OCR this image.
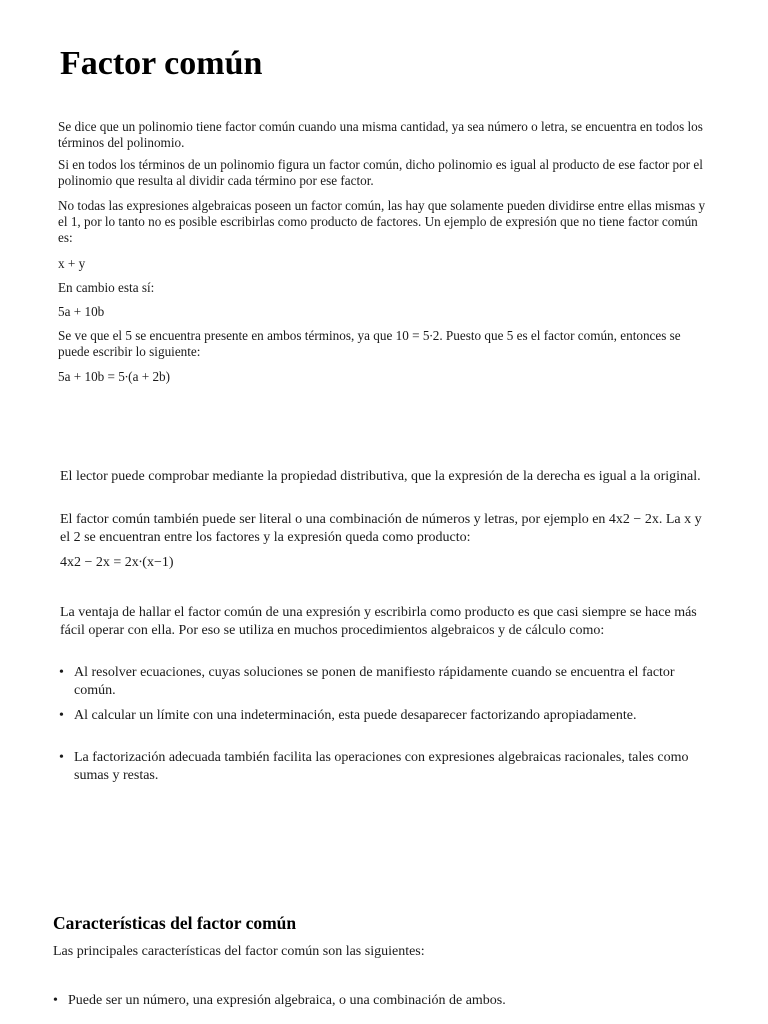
Factor común

Se dice que un polinomio tiene factor común cuando una misma cantidad, ya sea número o letra, se encuentra en todos los términos del polinomio.

Si en todos los términos de un polinomio figura un factor común, dicho polinomio es igual al producto de ese factor por el polinomio que resulta al dividir cada término por ese factor.

No todas las expresiones algebraicas poseen un factor común, las hay que solamente pueden dividirse entre ellas mismas y el 1, por lo tanto no es posible escribirlas como producto de factores. Un ejemplo de expresión que no tiene factor común es:

x + y

En cambio esta sí:

5a + 10b

Se ve que el 5 se encuentra presente en ambos términos, ya que 10 = 5∙2. Puesto que 5 es el factor común, entonces se puede escribir lo siguiente:

5a + 10b = 5∙(a + 2b)

El lector puede comprobar mediante la propiedad distributiva, que la expresión de la derecha es igual a la original.

El factor común también puede ser literal o una combinación de números y letras, por ejemplo en 4x2 − 2x. La x y el 2 se encuentran entre los factores y la expresión queda como producto:

4x2 − 2x = 2x∙(x−1)

La ventaja de hallar el factor común de una expresión y escribirla como producto es que casi siempre se hace más fácil operar con ella. Por eso se utiliza en muchos procedimientos algebraicos y de cálculo como:

• Al resolver ecuaciones, cuyas soluciones se ponen de manifiesto rápidamente cuando se encuentra el factor común.
• Al calcular un límite con una indeterminación, esta puede desaparecer factorizando apropiadamente.
• La factorización adecuada también facilita las operaciones con expresiones algebraicas racionales, tales como sumas y restas.
Características del factor común

Las principales características del factor común son las siguientes:

• Puede ser un número, una expresión algebraica, o una combinación de ambos.
